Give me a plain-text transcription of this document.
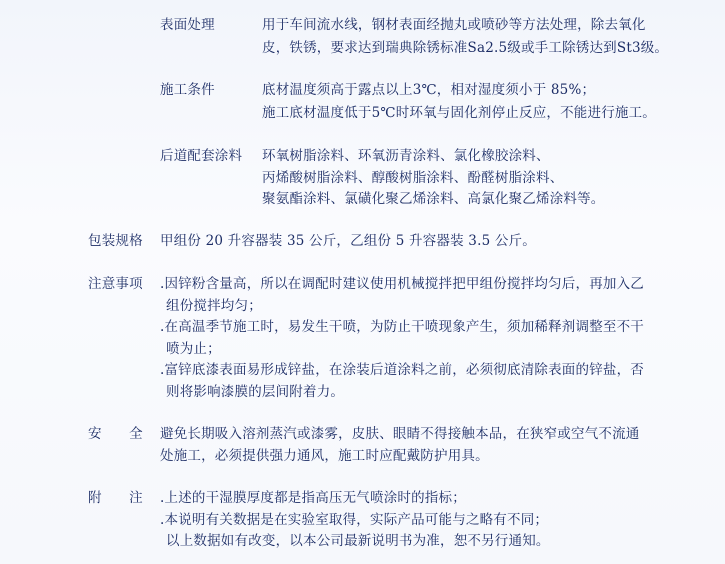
表面处理	用于车间流水线，钢材表面经抛丸或喷砂等方法处理，除去氧化
皮，铁锈，要求达到瑞典除锈标准Sa2.5级或手工除锈达到St3级。
施工条件	底材温度须高于露点以上3℃，相对湿度须小于 85%；
施工底材温度低于5℃时环氧与固化剂停止反应，不能进行施工。
后道配套涂料 环氧树脂涂料、环氧沥青涂料、氯化橡胶涂料、
丙烯酸树脂涂料、醇酸树脂涂料、酚醛树脂涂料、
聚氨酯涂料、氯磺化聚乙烯涂料、高氯化聚乙烯涂料等。
包装规格 甲组份 20 升容器装 35 公斤，乙组份 5 升容器装 3.5 公斤。
注意事项 .因锌粉含量高，所以在调配时建议使用机械搅拌把甲组份搅拌均匀后，再加入乙
组份搅拌均匀；
.在高温季节施工时，易发生干喷，为防止干喷现象产生，须加稀释剂调整至不干
喷为止；
.富锌底漆表面易形成锌盐，在涂装后道涂料之前，必须彻底清除表面的锌盐，否
则将影响漆膜的层间附着力。
安　　全 避免长期吸入溶剂蒸汽或漆雾，皮肤、眼睛不得接触本品，在狭窄或空气不流通
处施工，必须提供强力通风，施工时应配戴防护用具。
附　　注 .上述的干湿膜厚度都是指高压无气喷涂时的指标；
.本说明有关数据是在实验室取得，实际产品可能与之略有不同；
以上数据如有改变，以本公司最新说明书为准，恕不另行通知。
